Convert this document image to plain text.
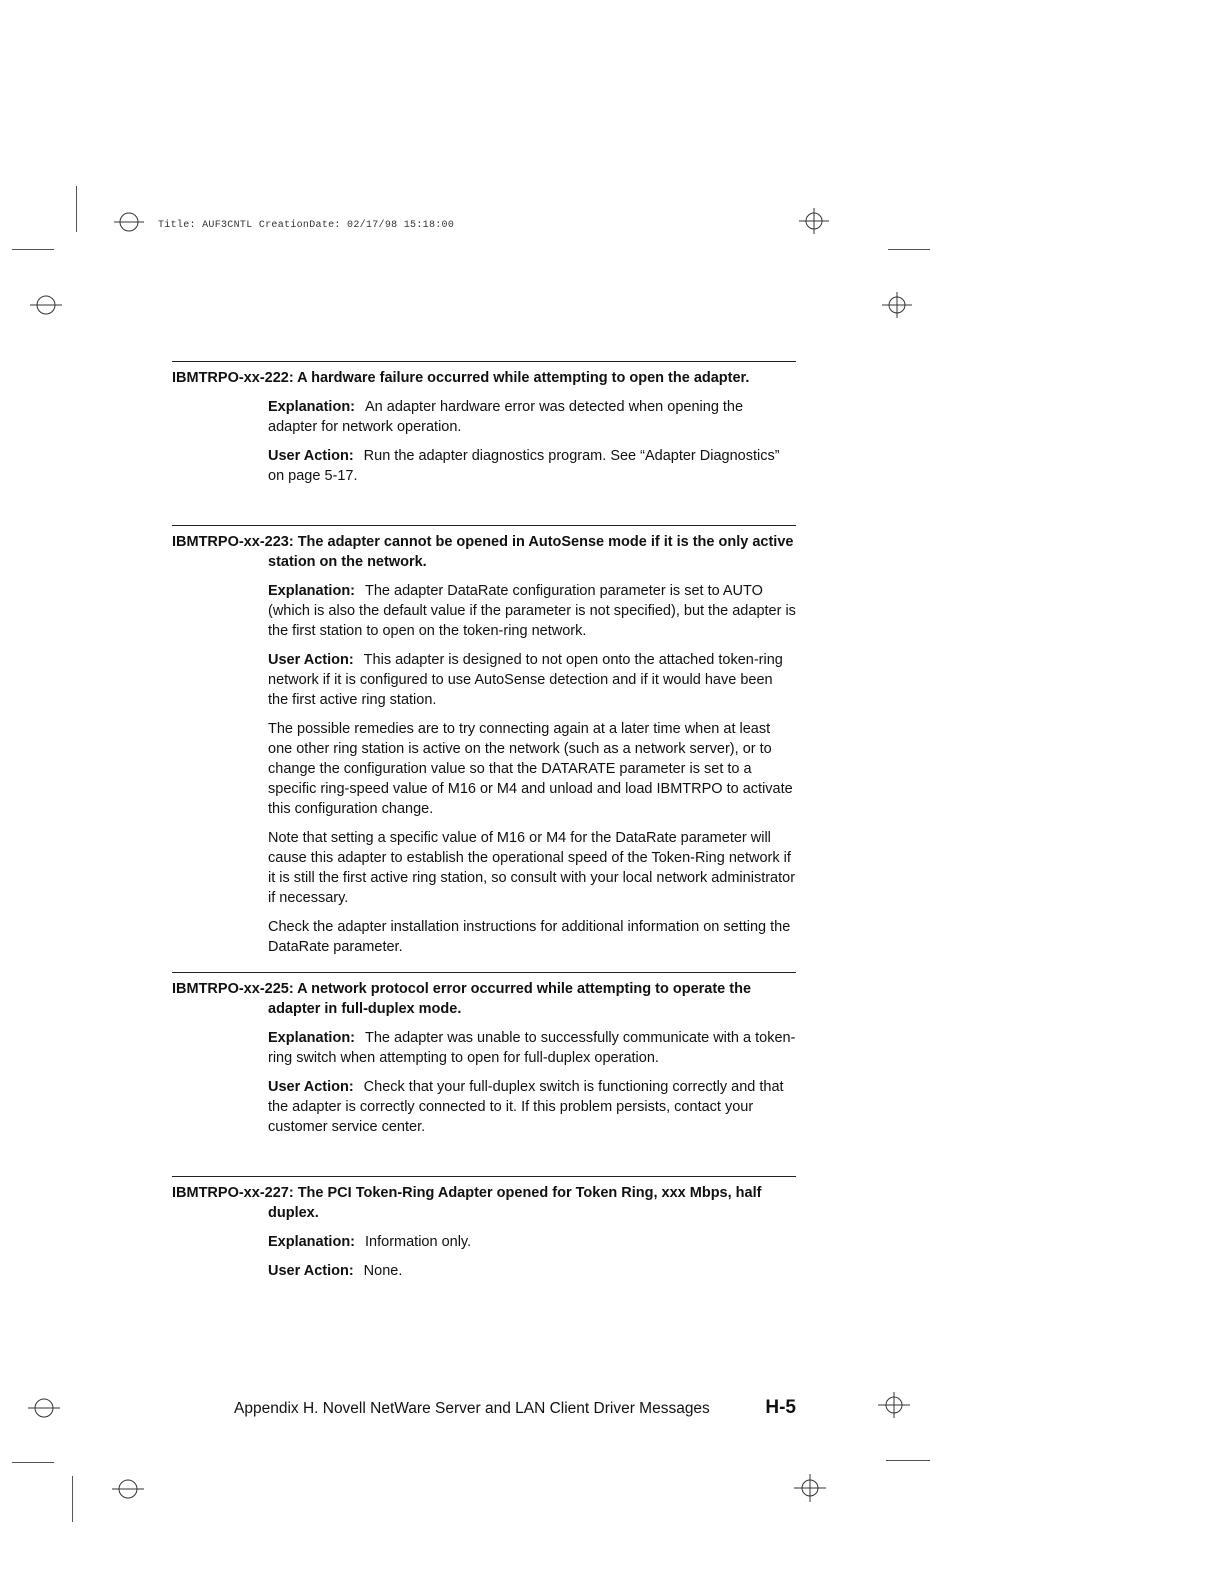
Title: AUF3CNTL CreationDate: 02/17/98 15:18:00
IBMTRPO-xx-222: A hardware failure occurred while attempting to open the adapter.
Explanation: An adapter hardware error was detected when opening the adapter for network operation.
User Action: Run the adapter diagnostics program. See “Adapter Diagnostics” on page 5-17.
IBMTRPO-xx-223: The adapter cannot be opened in AutoSense mode if it is the only active station on the network.
Explanation: The adapter DataRate configuration parameter is set to AUTO (which is also the default value if the parameter is not specified), but the adapter is the first station to open on the token-ring network.
User Action: This adapter is designed to not open onto the attached token-ring network if it is configured to use AutoSense detection and if it would have been the first active ring station.
The possible remedies are to try connecting again at a later time when at least one other ring station is active on the network (such as a network server), or to change the configuration value so that the DATARATE parameter is set to a specific ring-speed value of M16 or M4 and unload and load IBMTRPO to activate this configuration change.
Note that setting a specific value of M16 or M4 for the DataRate parameter will cause this adapter to establish the operational speed of the Token-Ring network if it is still the first active ring station, so consult with your local network administrator if necessary.
Check the adapter installation instructions for additional information on setting the DataRate parameter.
IBMTRPO-xx-225: A network protocol error occurred while attempting to operate the adapter in full-duplex mode.
Explanation: The adapter was unable to successfully communicate with a token-ring switch when attempting to open for full-duplex operation.
User Action: Check that your full-duplex switch is functioning correctly and that the adapter is correctly connected to it. If this problem persists, contact your customer service center.
IBMTRPO-xx-227: The PCI Token-Ring Adapter opened for Token Ring, xxx Mbps, half duplex.
Explanation: Information only.
User Action: None.
Appendix H. Novell NetWare Server and LAN Client Driver Messages	H-5
